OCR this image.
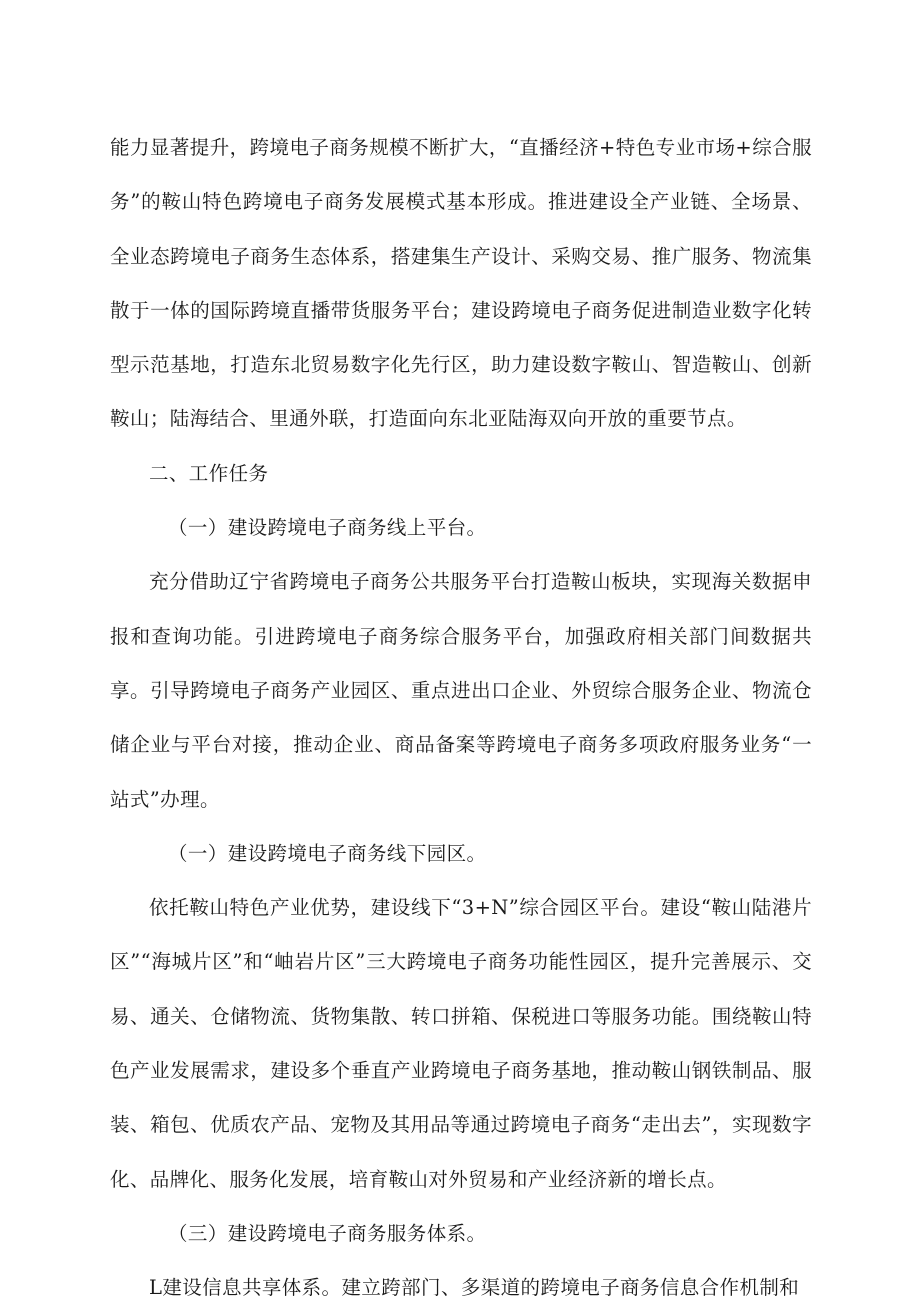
能力显著提升，跨境电子商务规模不断扩大，“直播经济+特色专业市场+综合服务”的鞍山特色跨境电子商务发展模式基本形成。推进建设全产业链、全场景、全业态跨境电子商务生态体系，搭建集生产设计、采购交易、推广服务、物流集散于一体的国际跨境直播带货服务平台；建设跨境电子商务促进制造业数字化转型示范基地，打造东北贸易数字化先行区，助力建设数字鞍山、智造鞍山、创新鞍山；陆海结合、里通外联，打造面向东北亚陆海双向开放的重要节点。

二、工作任务

（一）建设跨境电子商务线上平台。

充分借助辽宁省跨境电子商务公共服务平台打造鞍山板块，实现海关数据申报和查询功能。引进跨境电子商务综合服务平台，加强政府相关部门间数据共享。引导跨境电子商务产业园区、重点进出口企业、外贸综合服务企业、物流仓储企业与平台对接，推动企业、商品备案等跨境电子商务多项政府服务业务“一站式”办理。

（一）建设跨境电子商务线下园区。

依托鞍山特色产业优势，建设线下“3+N”综合园区平台。建设“鞍山陆港片区”“海城片区”和“岫岩片区”三大跨境电子商务功能性园区，提升完善展示、交易、通关、仓储物流、货物集散、转口拼箱、保税进口等服务功能。围绕鞍山特色产业发展需求，建设多个垂直产业跨境电子商务基地，推动鞍山钢铁制品、服装、箱包、优质农产品、宠物及其用品等通过跨境电子商务“走出去”，实现数字化、品牌化、服务化发展，培育鞍山对外贸易和产业经济新的增长点。

（三）建设跨境电子商务服务体系。

L建设信息共享体系。建立跨部门、多渠道的跨境电子商务信息合作机制和
